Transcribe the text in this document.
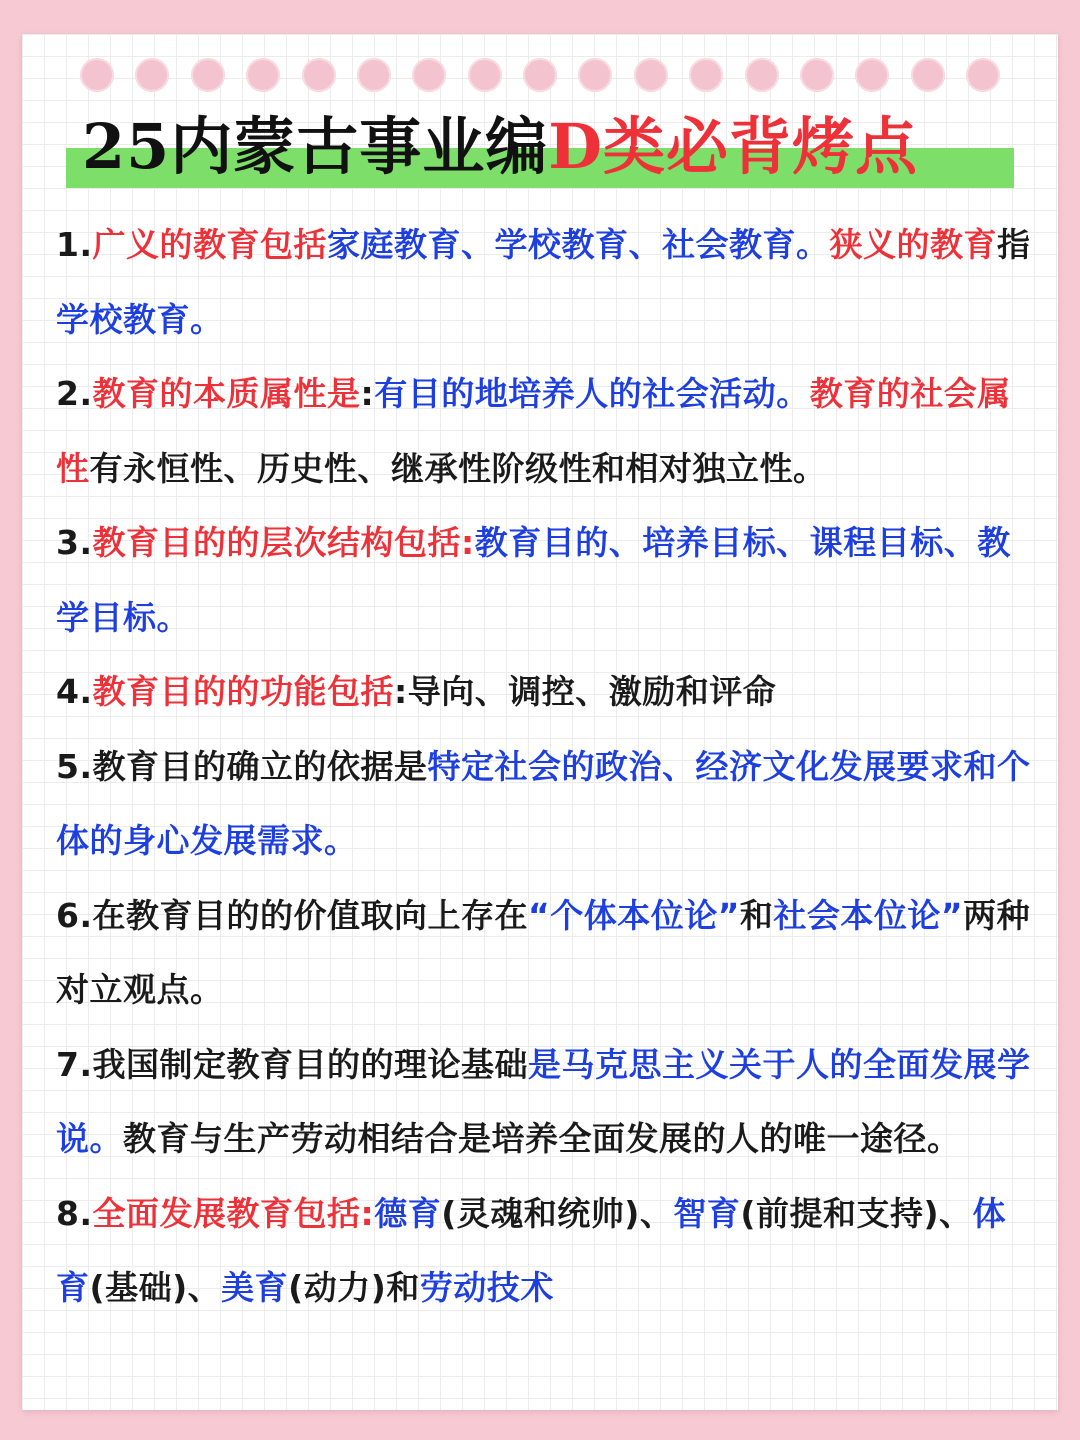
25内蒙古事业编D类必背烤点

1.广义的教育包括家庭教育、学校教育、社会教育。狭义的教育指学校教育。

2.教育的本质属性是:有目的地培养人的社会活动。教育的社会属性有永恒性、历史性、继承性阶级性和相对独立性。

3.教育目的的层次结构包括:教育目的、培养目标、课程目标、教学目标。

4.教育目的的功能包括:导向、调控、激励和评命

5.教育目的确立的依据是特定社会的政治、经济文化发展要求和个体的身心发展需求。

6.在教育目的的价值取向上存在“个体本位论”和社会本位论”两种对立观点。

7.我国制定教育目的的理论基础是马克思主义关于人的全面发展学说。教育与生产劳动相结合是培养全面发展的人的唯一途径。

8.全面发展教育包括:德育(灵魂和统帅)、智育(前提和支持)、体育(基础)、美育(动力)和劳动技术
